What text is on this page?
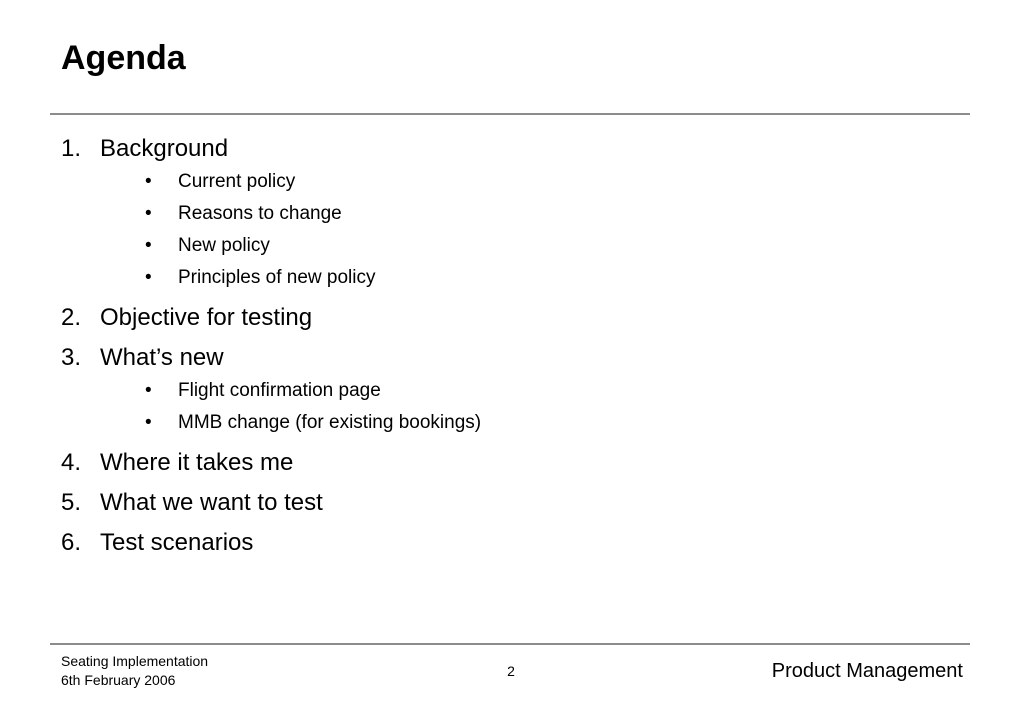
Agenda
1. Background
• Current policy
• Reasons to change
• New policy
• Principles of new policy
2. Objective for testing
3. What’s new
• Flight confirmation page
• MMB change (for existing bookings)
4. Where it takes me
5. What we want to test
6. Test scenarios
Seating Implementation
6th February 2006
2	Product Management
